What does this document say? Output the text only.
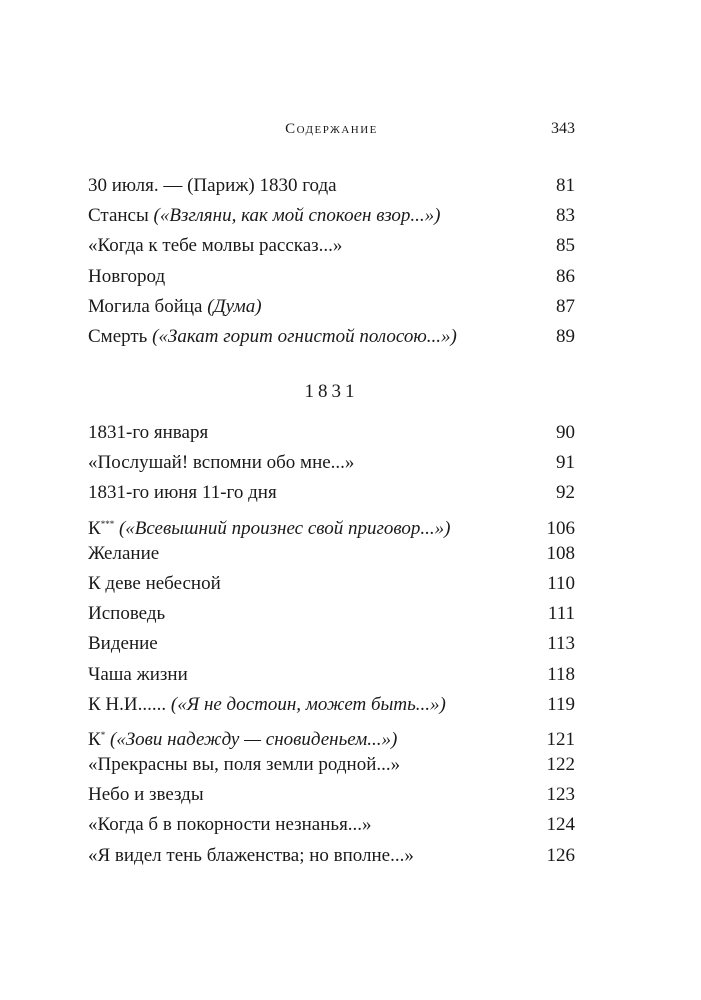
Содержание	343
30 июля. — (Париж) 1830 года	81
Стансы («Взгляни, как мой спокоен взор...»)	83
«Когда к тебе молвы рассказ...»	85
Новгород	86
Могила бойца (Дума)	87
Смерть («Закат горит огнистой полосою...»)	89
1831
1831-го января	90
«Послушай! вспомни обо мне...»	91
1831-го июня 11-го дня	92
К*** («Всевышний произнес свой приговор...»)	106
Желание	108
К деве небесной	110
Исповедь	111
Видение	113
Чаша жизни	118
К Н.И...... («Я не достоин, может быть...»)	119
К* («Зови надежду — сновиденьем...»)	121
«Прекрасны вы, поля земли родной...»	122
Небо и звезды	123
«Когда б в покорности незнанья...»	124
«Я видел тень блаженства; но вполне...»	126
